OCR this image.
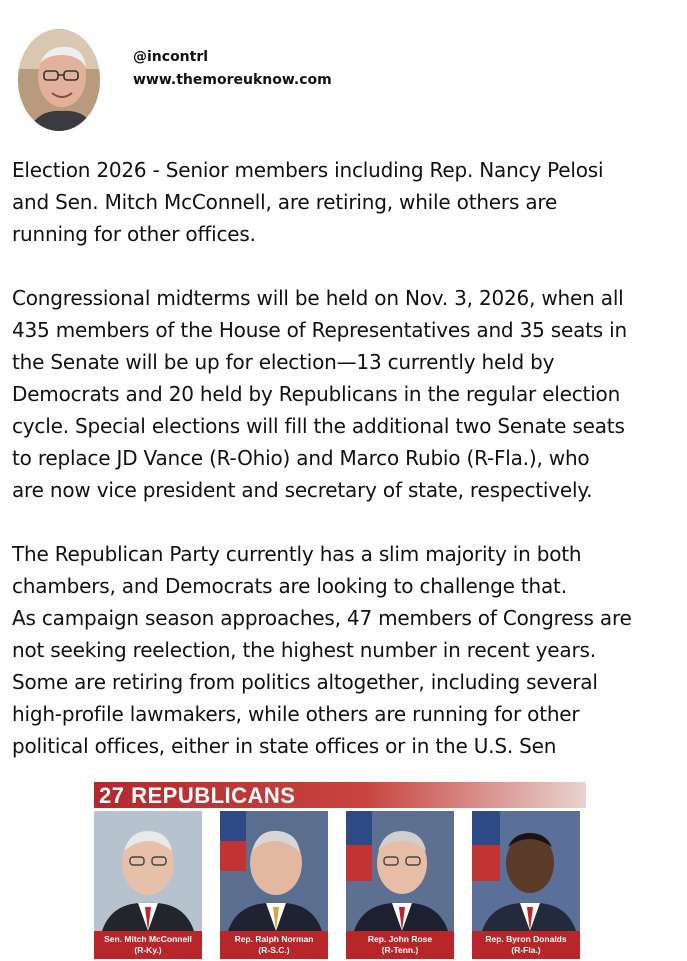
@incontrl
www.themoreuknow.com

Election 2026 - Senior members including Rep. Nancy Pelosi
and Sen. Mitch McConnell, are retiring, while others are
running for other offices.

Congressional midterms will be held on Nov. 3, 2026, when all
435 members of the House of Representatives and 35 seats in
the Senate will be up for election—13 currently held by
Democrats and 20 held by Republicans in the regular election
cycle. Special elections will fill the additional two Senate seats
to replace JD Vance (R-Ohio) and Marco Rubio (R-Fla.), who
are now vice president and secretary of state, respectively.

The Republican Party currently has a slim majority in both
chambers, and Democrats are looking to challenge that.
As campaign season approaches, 47 members of Congress are
not seeking reelection, the highest number in recent years.
Some are retiring from politics altogether, including several
high-profile lawmakers, while others are running for other
political offices, either in state offices or in the U.S. Sen

27 REPUBLICANS
Sen. Mitch McConnell
(R-Ky.)
Rep. Ralph Norman
(R-S.C.)
Rep. John Rose
(R-Tenn.)
Rep. Byron Donalds
(R-Fla.)
